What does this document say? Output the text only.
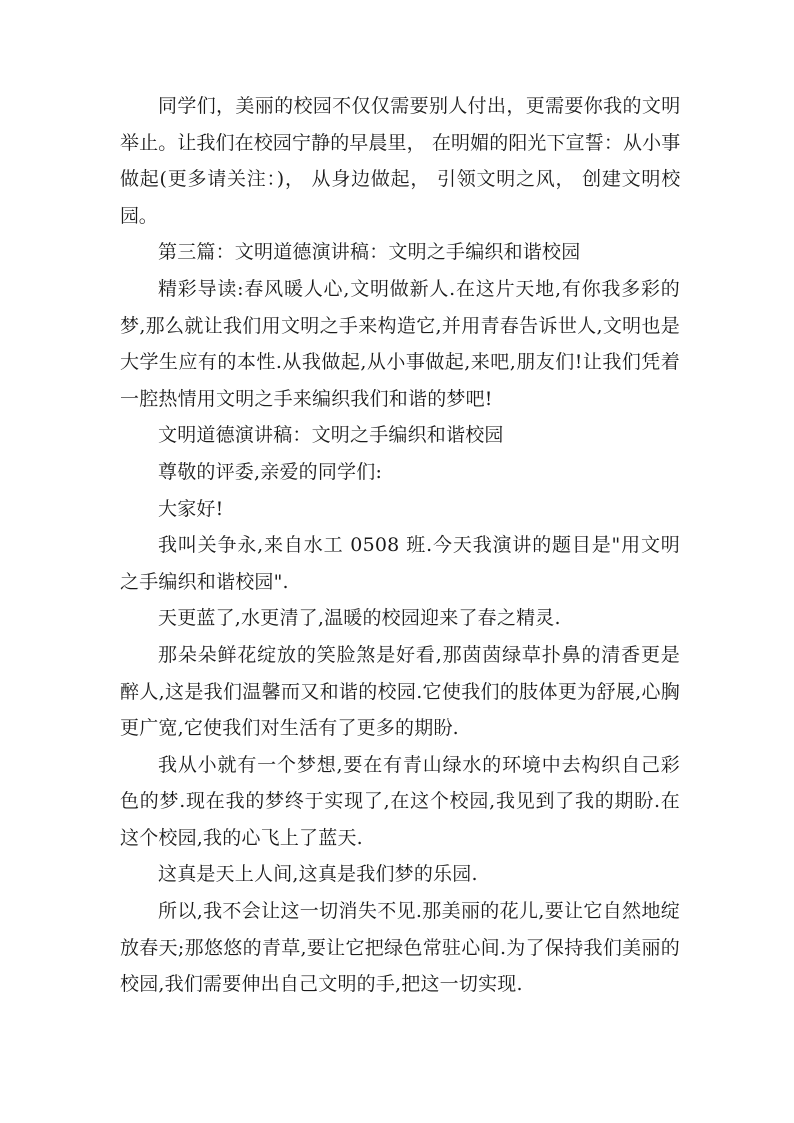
同学们，美丽的校园不仅仅需要别人付出，更需要你我的文明举止。让我们在校园宁静的早晨里， 在明媚的阳光下宣誓：从小事做起(更多请关注：)， 从身边做起， 引领文明之风， 创建文明校园。

第三篇：文明道德演讲稿：文明之手编织和谐校园

精彩导读:春风暖人心,文明做新人.在这片天地,有你我多彩的梦,那么就让我们用文明之手来构造它,并用青春告诉世人,文明也是大学生应有的本性.从我做起,从小事做起,来吧,朋友们!让我们凭着一腔热情用文明之手来编织我们和谐的梦吧!

文明道德演讲稿：文明之手编织和谐校园

尊敬的评委,亲爱的同学们:

大家好!

我叫关争永,来自水工 0508 班.今天我演讲的题目是"用文明之手编织和谐校园".

天更蓝了,水更清了,温暖的校园迎来了春之精灵.

那朵朵鲜花绽放的笑脸煞是好看,那茵茵绿草扑鼻的清香更是醉人,这是我们温馨而又和谐的校园.它使我们的肢体更为舒展,心胸更广宽,它使我们对生活有了更多的期盼.

我从小就有一个梦想,要在有青山绿水的环境中去构织自己彩色的梦.现在我的梦终于实现了,在这个校园,我见到了我的期盼.在这个校园,我的心飞上了蓝天.

这真是天上人间,这真是我们梦的乐园.

所以,我不会让这一切消失不见.那美丽的花儿,要让它自然地绽放春天;那悠悠的青草,要让它把绿色常驻心间.为了保持我们美丽的校园,我们需要伸出自己文明的手,把这一切实现.
